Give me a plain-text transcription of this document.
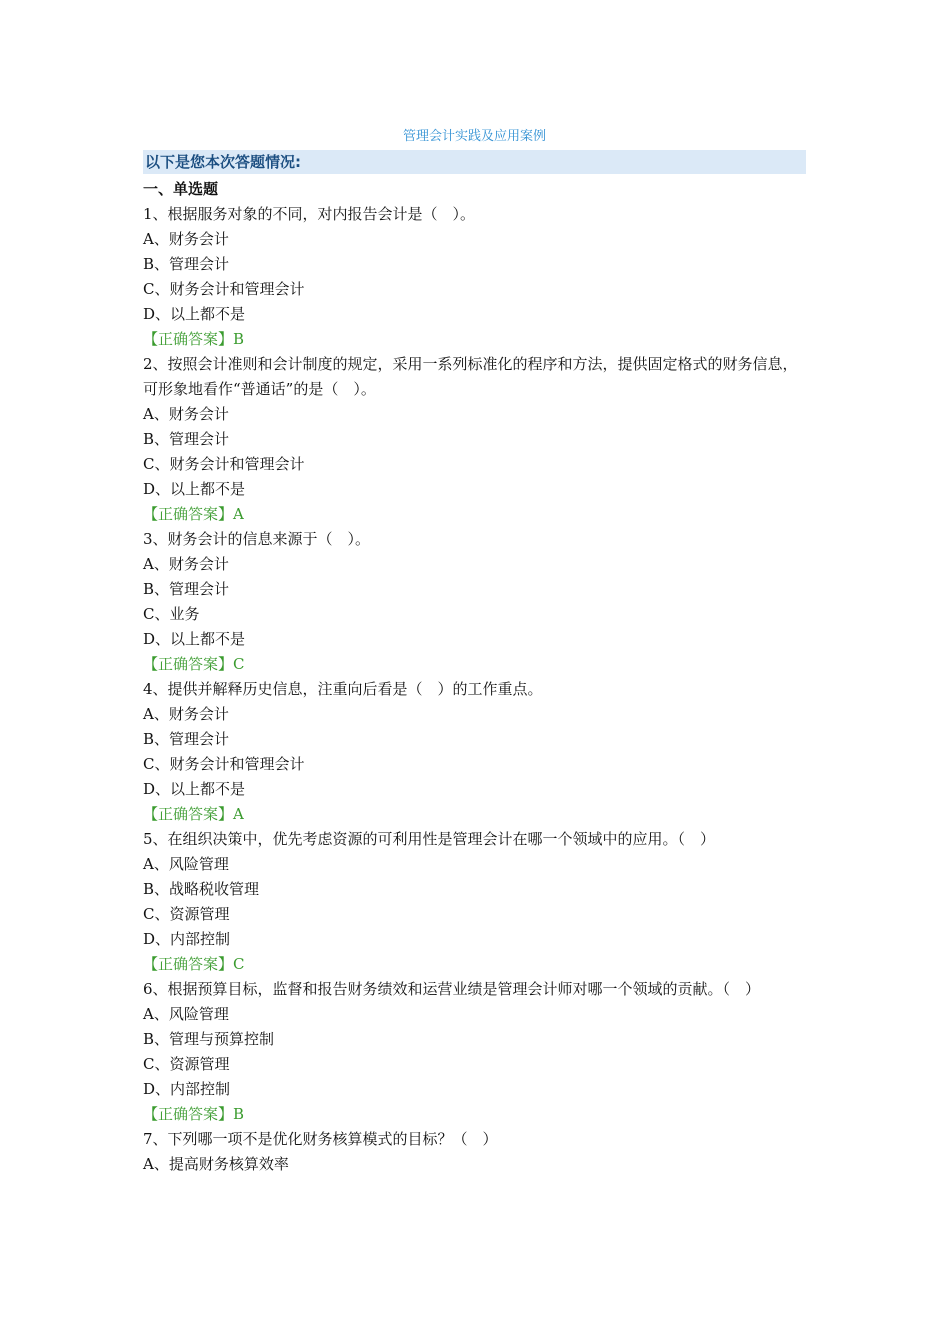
管理会计实践及应用案例
以下是您本次答题情况:

一、单选题

1、根据服务对象的不同，对内报告会计是（　）。

A、财务会计

B、管理会计

C、财务会计和管理会计

D、以上都不是

【正确答案】B

2、按照会计准则和会计制度的规定，采用一系列标准化的程序和方法，提供固定格式的财务信息，可形象地看作“普通话”的是（　）。

A、财务会计

B、管理会计

C、财务会计和管理会计

D、以上都不是

【正确答案】A

3、财务会计的信息来源于（　）。

A、财务会计

B、管理会计

C、业务

D、以上都不是

【正确答案】C

4、提供并解释历史信息，注重向后看是（　）的工作重点。

A、财务会计

B、管理会计

C、财务会计和管理会计

D、以上都不是

【正确答案】A

5、在组织决策中，优先考虑资源的可利用性是管理会计在哪一个领域中的应用。（　）

A、风险管理

B、战略税收管理

C、资源管理

D、内部控制

【正确答案】C

6、根据预算目标，监督和报告财务绩效和运营业绩是管理会计师对哪一个领域的贡献。（　）

A、风险管理

B、管理与预算控制

C、资源管理

D、内部控制

【正确答案】B

7、下列哪一项不是优化财务核算模式的目标？（　）

A、提高财务核算效率
